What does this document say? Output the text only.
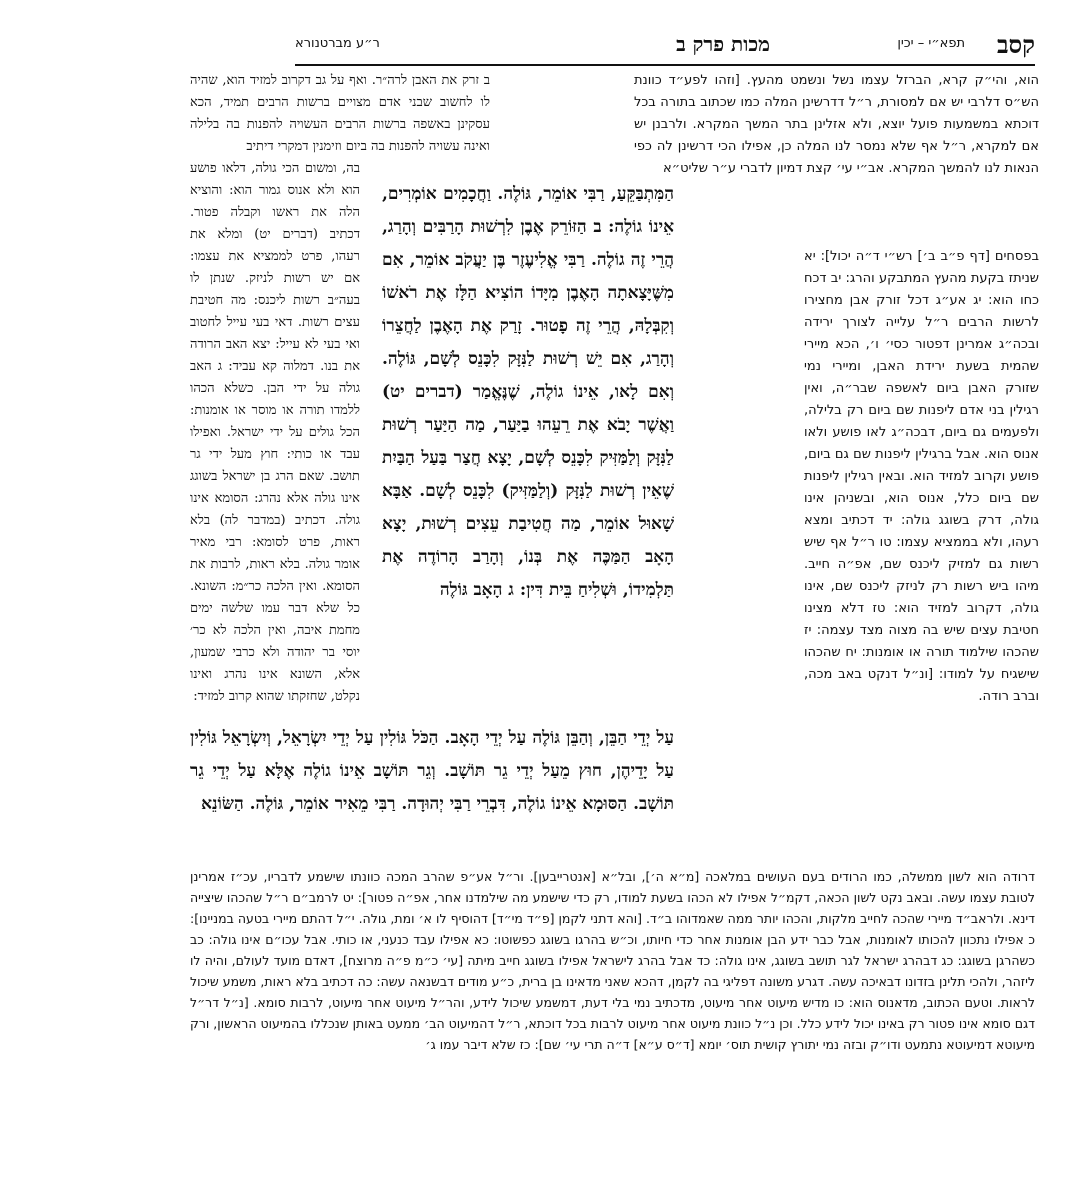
קסב
תפא״י – יכין
מכות פרק ב
ר״ע מברטנורא

הוא, והי״ק קרא, הברזל עצמו נשל ונשמט מהעץ. [וזהו לפע״ד כוונת הש״ס דלרבי יש אם למסורת, ר״ל דדרשינן המלה כמו שכתוב בתורה בכל דוכתא במשמעות פועל יוצא, ולא אזלינן בתר המשך המקרא. ולרבנן יש אם למקרא, ר״ל אף שלא נמסר לנו המלה כן, אפילו הכי דרשינן לה כפי הנאות לנו להמשך המקרא. אב״י עי׳ קצת דמיון לדברי ע״ר שליט״א

בפסחים [דף פ״ב ב׳] רש״י ד״ה יכול]: יא שניתז בקעת מהעץ המתבקע והרג: יב דכח כחו הוא: יג אע״ג דכל זורק אבן מחצירו לרשות הרבים ר״ל עלייה לצורך ירידה ובכה״ג אמרינן דפטור כסי׳ ו׳, הכא מיירי שהמית בשעת ירידת האבן, ומיירי נמי שזורק האבן ביום לאשפה שבר״ה, ואין רגילין בני אדם ליפנות שם ביום רק בלילה, ולפעמים גם ביום, דבכה״ג לאו פושע ולאו אנוס הוא. אבל ברגילין ליפנות שם גם ביום, פושע וקרוב למזיד הוא. ובאין רגילין ליפנות שם ביום כלל, אנוס הוא, ובשניהן אינו גולה, דרק בשוגג גולה: יד דכתיב ומצא רעהו, ולא בממציא עצמו: טו ר״ל אף שיש רשות גם למזיק ליכנס שם, אפ״ה חייב. מיהו ביש רשות רק לניזק ליכנס שם, אינו גולה, דקרוב למזיד הוא: טז דלא מצינו חטיבת עצים שיש בה מצוה מצד עצמה: יז שהכהו שילמוד תורה או אומנות: יח שהכהו שישגיח על למודו: [ונ״ל דנקט באב מכה, וברב רודה.

ב זרק את האבן לרה״ר. ואף על גב דקרוב למזיד הוא, שהיה לו לחשוב שבני אדם מצויים ברשות הרבים תמיד, הכא עסקינן באשפה ברשות הרבים העשויה להפנות בה בלילה ואינה עשויה להפנות בה ביום וזימנין דמקרי דיתיב

בה, ומשום הכי גולה, דלאו פושע הוא ולא אנוס גמור הוא: והוציא הלה את ראשו וקבלה פטור. דכתיב (דברים יט) ומלא את רעהו, פרט לממציא את עצמו: אם יש רשות לניזק. שנתן לו בעה״ב רשות ליכנס: מה חטיבת עצים רשות. דאי בעי עייל לחטוב ואי בעי לא עייל: יצא האב הרודה את בנו. דמלוה קא עביד: ג האב גולה על ידי הבן. כשלא הכהו ללמדו תורה או מוסר או אומנות: הכל גולים על ידי ישראל. ואפילו עבד או כותי: חוץ מעל ידי גר תושב. שאם הרג בן ישראל בשוגג אינו גולה אלא נהרג: הסומא אינו גולה. דכתיב (במדבר לה) בלא ראות, פרט לסומא: רבי מאיר אומר גולה. בלא ראות, לרבות את הסומא. ואין הלכה כר״מ: השונא. כל שלא דבר עמו שלשה ימים מחמת איבה, ואין הלכה לא כר׳ יוסי בר יהודה ולא כרבי שמעון, אלא, השונא אינו נהרג ואינו נקלט, שחזקתו שהוא קרוב למזיד:

הַמִּתְבַּקֵּעַ, רַבִּי אוֹמֵר, גּוֹלֶה. וַחֲכָמִים אוֹמְרִים, אֵינוֹ גוֹלֶה: ב הַזּוֹרֵק אֶבֶן לִרְשׁוּת הָרַבִּים וְהָרַג, הֲרֵי זֶה גוֹלֶה. רַבִּי אֱלִיעֶזֶר בֶּן יַעֲקֹב אוֹמֵר, אִם מִשֶּׁיָּצָאתָה הָאֶבֶן מִיָּדוֹ הוֹצִיא הַלָּז אֶת רֹאשׁוֹ וְקִבְּלָהּ, הֲרֵי זֶה פָטוּר. זָרַק אֶת הָאֶבֶן לַחֲצֵרוֹ וְהָרַג, אִם יֵשׁ רְשׁוּת לַנִּזָּק לִכָּנֵס לְשָׁם, גּוֹלֶה. וְאִם לָאו, אֵינוֹ גוֹלֶה, שֶׁנֶּאֱמַר (דברים יט) וַאֲשֶׁר יָבֹא אֶת רֵעֵהוּ בַיַּעַר, מַה הַיַּעַר רְשׁוּת לַנִּזָּק וְלַמַּזִּיק לִכָּנֵס לְשָׁם, יָצָא חֲצַר בַּעַל הַבַּיִת שֶׁאֵין רְשׁוּת לַנִּזָּק (וְלַמַּזִּיק) לִכָּנֵס לְשָׁם. אַבָּא שָׁאוּל אוֹמֵר, מַה חֲטִיבַת עֵצִים רְשׁוּת, יָצָא הָאָב הַמַּכֶּה אֶת בְּנוֹ, וְהָרַב הָרוֹדֶה אֶת תַּלְמִידוֹ, וּשְׁלִיחַ בֵּית דִּין: ג הָאָב גּוֹלֶה

עַל יְדֵי הַבֵּן, וְהַבֵּן גּוֹלֶה עַל יְדֵי הָאָב. הַכֹּל גּוֹלִין עַל יְדֵי יִשְׂרָאֵל, וְיִשְׂרָאֵל גּוֹלִין עַל יָדֵיהֶן, חוּץ מֵעַל יְדֵי גֵר תּוֹשָׁב. וְגֵר תּוֹשָׁב אֵינוֹ גוֹלֶה אֶלָּא עַל יְדֵי גֵר תּוֹשָׁב. הַסּוּמָא אֵינוֹ גוֹלֶה, דִּבְרֵי רַבִּי יְהוּדָה. רַבִּי מֵאִיר אוֹמֵר, גּוֹלֶה. הַשּׂוֹנֵא

דרודה הוא לשון ממשלה, כמו הרודים בעם העושים במלאכה [מ״א ה׳], ובל״א [אנטרייבען]. ור״ל אע״פ שהרב המכה כוונתו שישמע לדבריו, עכ״ז אמרינן לטובת עצמו עשה. ובאב נקט לשון הכאה, דקמ״ל אפילו לא הכהו בשעת למודו, רק כדי שישמע מה שילמדנו אחר, אפ״ה פטור]: יט לרמב״ם ר״ל שהכהו שיצייה דינא. ולראב״ד מיירי שהכה לחייב מלקות, והכהו יותר ממה שאמדוהו ב״ד. [והא דתני לקמן [פ״ד מי״ד] דהוסיף לו א׳ ומת, גולה. י״ל דהתם מיירי בטעה במניינו]: כ אפילו נתכוון להכותו לאומנות, אבל כבר ידע הבן אומנות אחר כדי חיותו, וכ״ש בהרגו בשוגג כפשוטו: כא אפילו עבד כנעני, או כותי. אבל עכו״ם אינו גולה: כב כשהרגן בשוגג: כג דבהרג ישראל לגר תושב בשוגג, אינו גולה: כד אבל בהרג לישראל אפילו בשוגג חייב מיתה [עי׳ כ״מ פ״ה מרוצח], דאדם מועד לעולם, והיה לו ליזהר, ולהכי תלינן בזדונו דבאיכה עשה. דגרע משונה דפליגי בה לקמן, דהכא שאני מדאינו בן ברית, כ״ע מודים דבשנאה עשה: כה דכתיב בלא ראות, משמע שיכול לראות. וטעם הכתוב, מדאנוס הוא: כו מדיש מיעוט אחר מיעוט, מדכתיב נמי בלי דעת, דמשמע שיכול לידע, והר״ל מיעוט אחר מיעוט, לרבות סומא. [נ״ל דר״ל דגם סומא אינו פטור רק באינו יכול לידע כלל. וכן נ״ל כוונת מיעוט אחר מיעוט לרבות בכל דוכתא, ר״ל דהמיעוט הב׳ ממעט באותן שנכללו בהמיעוט הראשון, ורק מיעוטא דמיעוטא נתמעט ודו״ק ובזה נמי יתורץ קושית תוס׳ יומא [ד״ס ע״א] ד״ה תרי עי׳ שם]: כז שלא דיבר עמו ג׳
